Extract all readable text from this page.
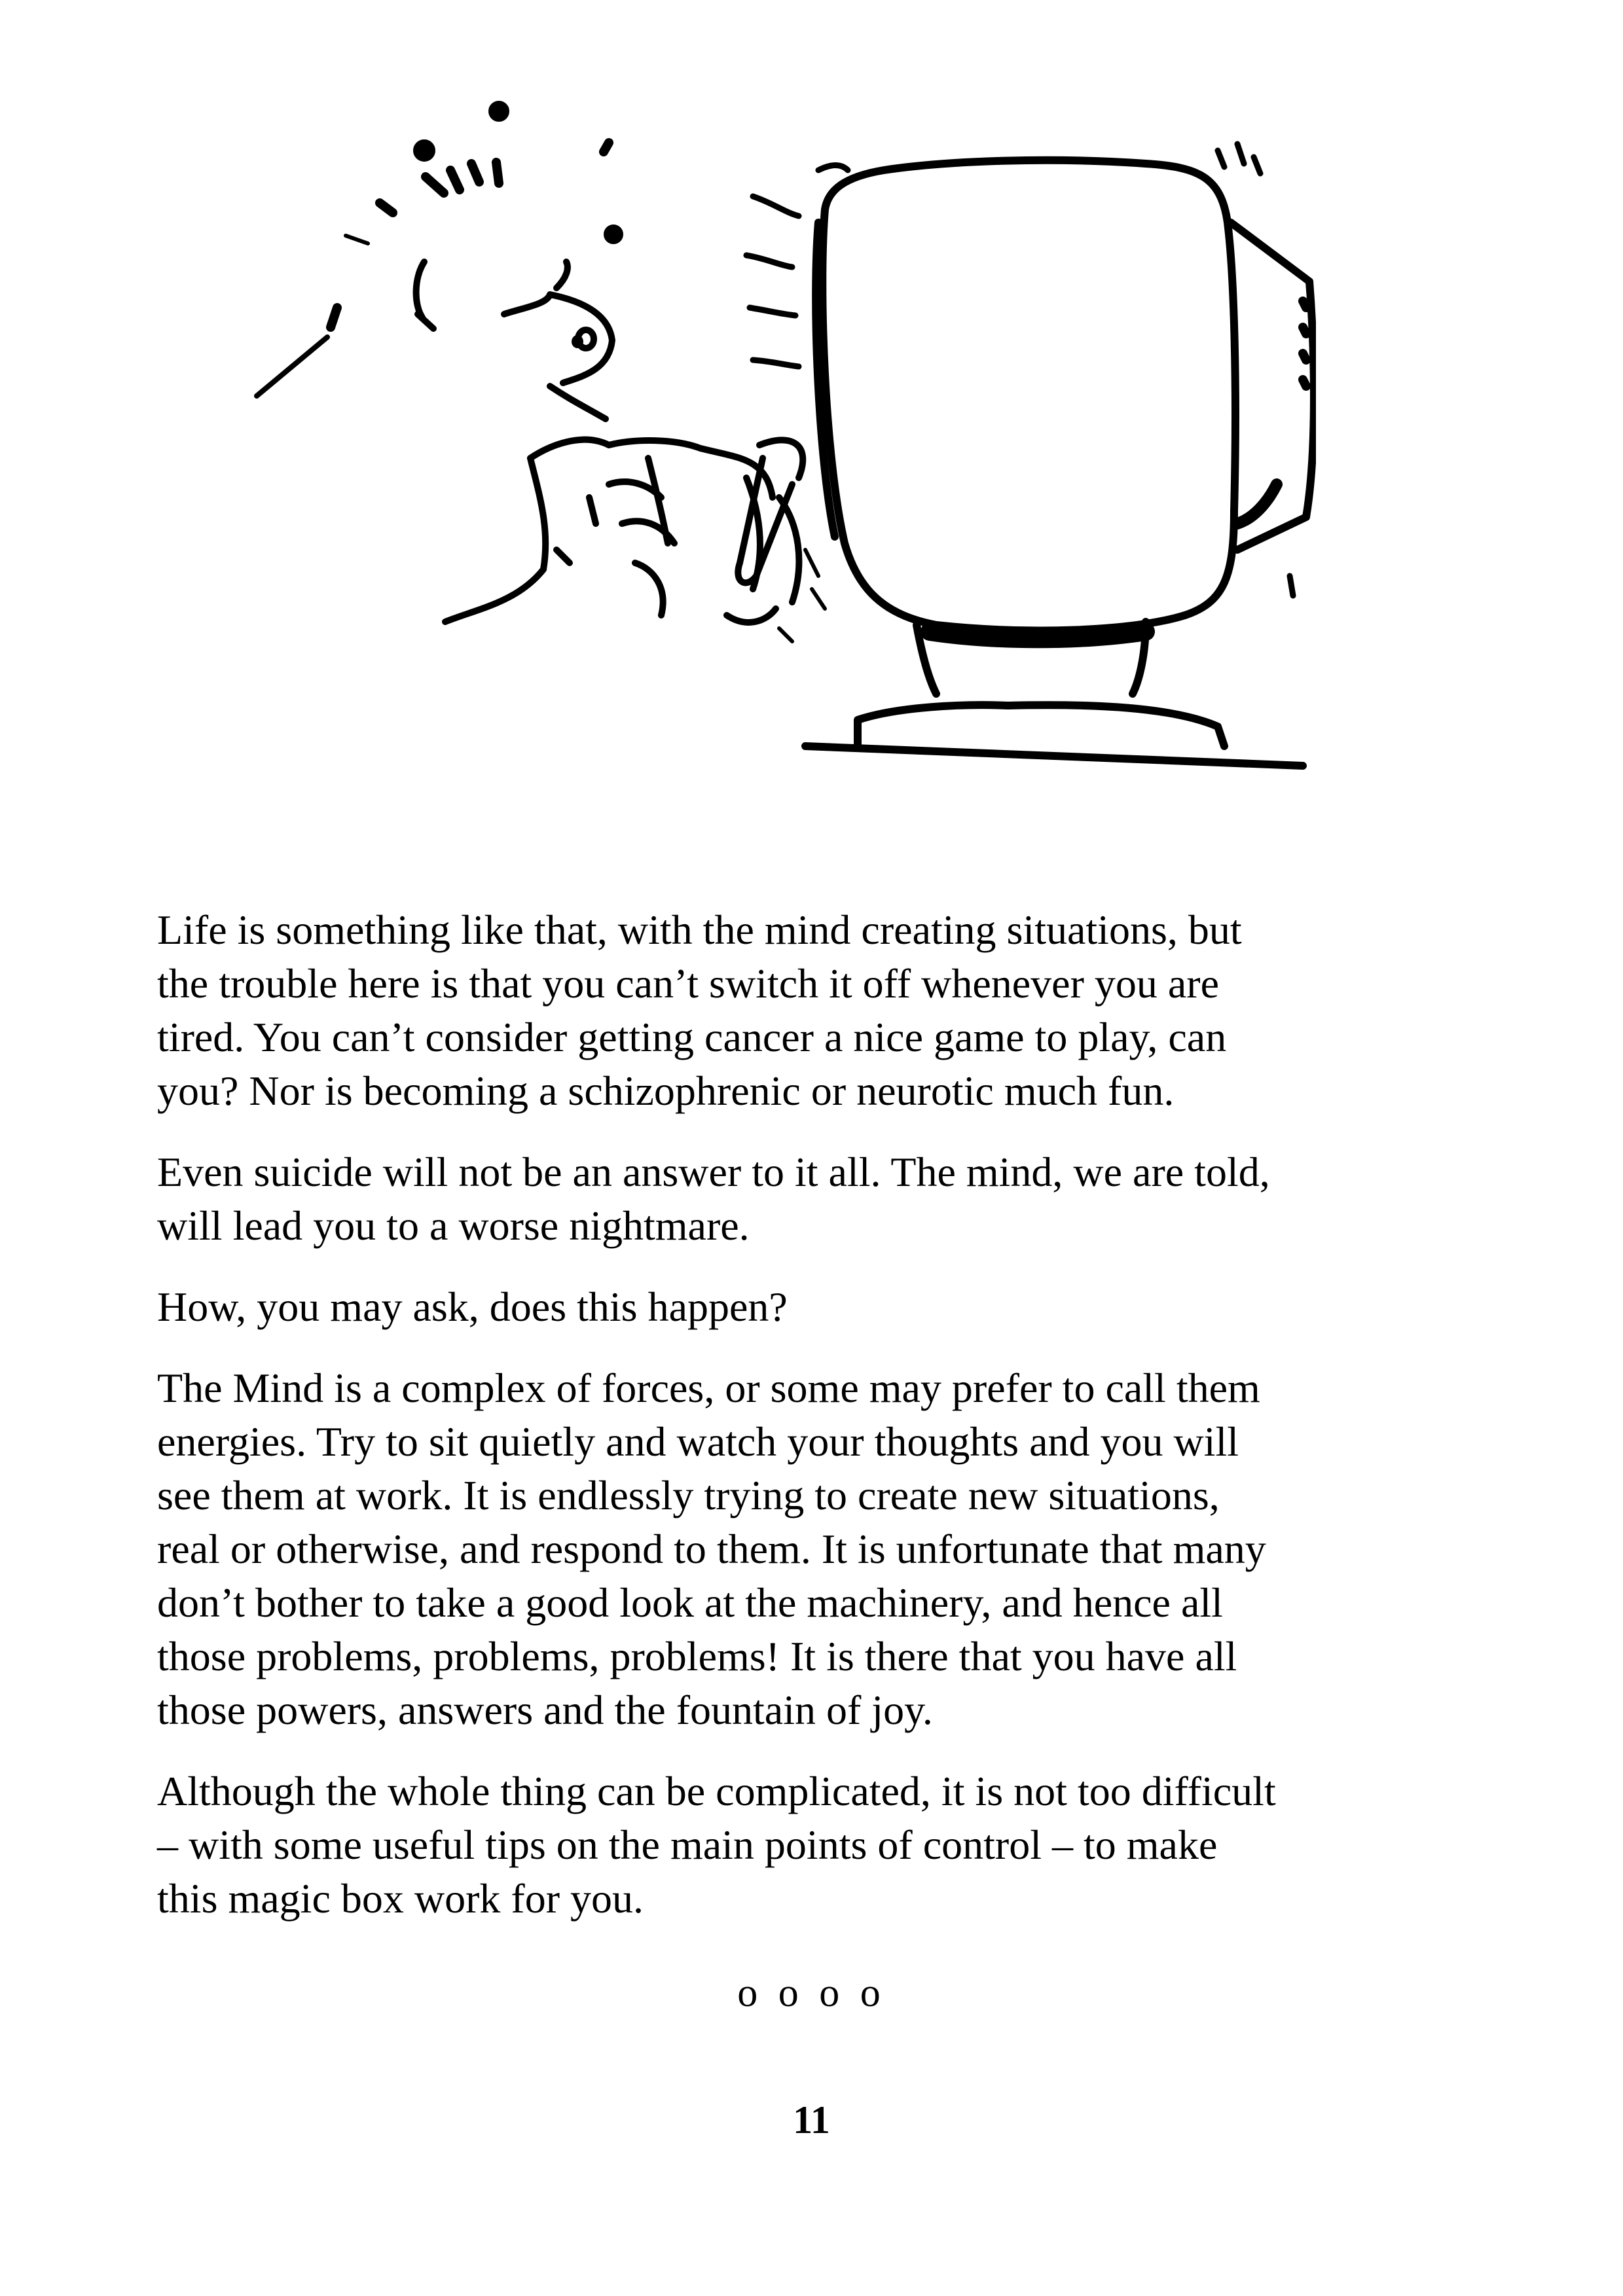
Life is something like that, with the mind creating situations, but
the trouble here is that you can’t switch it off whenever you are
tired. You can’t consider getting cancer a nice game to play, can
you? Nor is becoming a schizophrenic or neurotic much fun.

Even suicide will not be an answer to it all. The mind, we are told,
will lead you to a worse nightmare.

How, you may ask, does this happen?

The Mind is a complex of forces, or some may prefer to call them
energies. Try to sit quietly and watch your thoughts and you will
see them at work. It is endlessly trying to create new situations,
real or otherwise, and respond to them. It is unfortunate that many
don’t bother to take a good look at the machinery, and hence all
those problems, problems, problems! It is there that you have all
those powers, answers and the fountain of joy.

Although the whole thing can be complicated, it is not too difficult
– with some useful tips on the main points of control – to make
this magic box work for you.

o o o o
11
